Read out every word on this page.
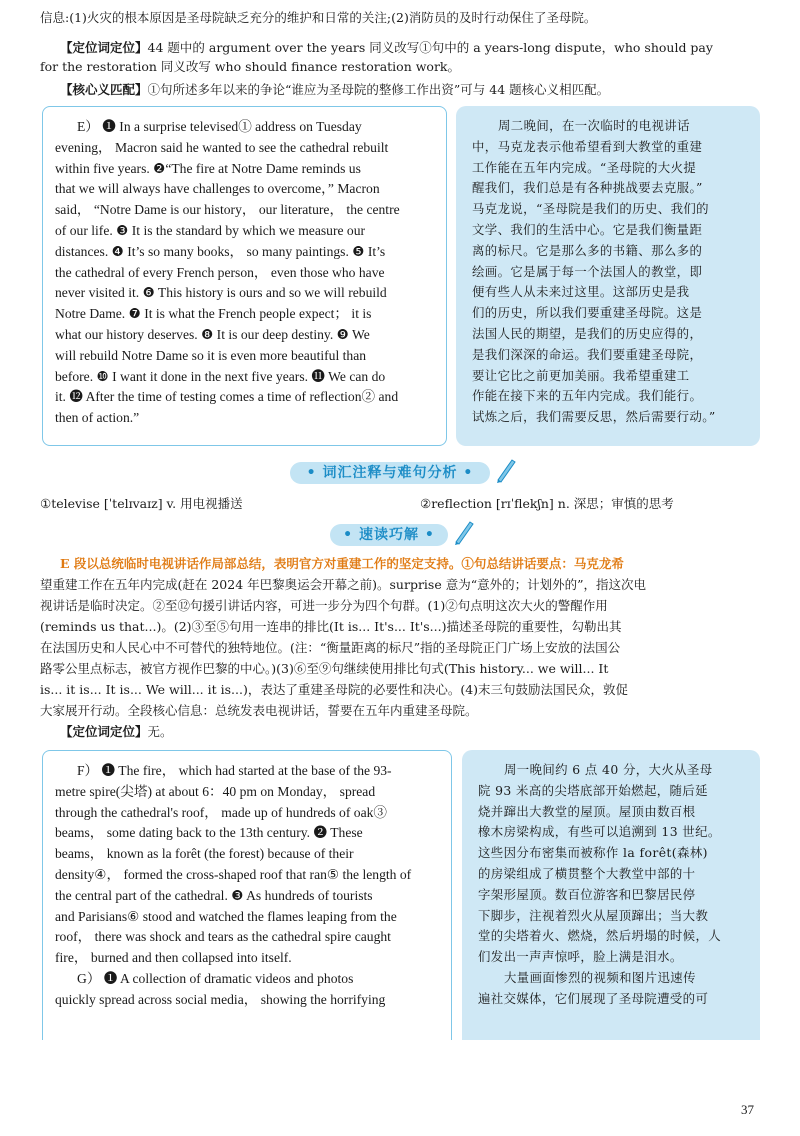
信息:(1)火灾的根本原因是圣母院缺乏充分的维护和日常的关注;(2)消防员的及时行动保住了圣母院。
【定位词定位】44 题中的 argument over the years 同义改写①句中的 a years-long dispute，who should pay
for the restoration 同义改写 who should finance restoration work。
【核心义匹配】①句所述多年以来的争论“谁应为圣母院的整修工作出资”可与 44 题核心义相匹配。
E） ❶ In a surprise televised① address on Tuesday
evening， Macron said he wanted to see the cathedral rebuilt
within five years. ❷“The fire at Notre Dame reminds us
that we will always have challenges to overcome，” Macron
said， “Notre Dame is our history， our literature， the centre
of our life. ❸ It is the standard by which we measure our
distances. ❹ It’s so many books， so many paintings. ❺ It’s
the cathedral of every French person， even those who have
never visited it. ❻ This history is ours and so we will rebuild
Notre Dame. ❼ It is what the French people expect； it is
what our history deserves. ❽ It is our deep destiny. ❾ We
will rebuild Notre Dame so it is even more beautiful than
before. ❿ I want it done in the next five years. ⓫ We can do
it. ⓬ After the time of testing comes a time of reflection② and
then of action.”
周二晚间，在一次临时的电视讲话
中，马克龙表示他希望看到大教堂的重建
工作能在五年内完成。“圣母院的大火提
醒我们，我们总是有各种挑战要去克服。”
马克龙说，“圣母院是我们的历史、我们的
文学、我们的生活中心。它是我们衡量距
离的标尺。它是那么多的书籍、那么多的
绘画。它是属于每一个法国人的教堂，即
便有些人从未来过这里。这部历史是我
们的历史，所以我们要重建圣母院。这是
法国人民的期望，是我们的历史应得的，
是我们深深的命运。我们要重建圣母院，
要让它比之前更加美丽。我希望重建工
作能在接下来的五年内完成。我们能行。
试炼之后，我们需要反思，然后需要行动。”
• 词汇注释与难句分析 •
①televise [ˈtelɪvaɪz] v. 用电视播送	②reflection [rɪˈflekʃn] n. 深思；审慎的思考
• 速读巧解 •
E 段以总统临时电视讲话作局部总结，表明官方对重建工作的坚定支持。①句总结讲话要点：马克龙希
望重建工作在五年内完成(赶在 2024 年巴黎奥运会开幕之前)。surprise 意为“意外的；计划外的”，指这次电
视讲话是临时决定。②至⑫句援引讲话内容，可进一步分为四个句群。(1)②句点明这次大火的警醒作用
(reminds us that...)。(2)③至⑤句用一连串的排比(It is... It's... It's...)描述圣母院的重要性，勾勒出其
在法国历史和人民心中不可替代的独特地位。(注：“衡量距离的标尺”指的圣母院正门广场上安放的法国公
路零公里点标志，被官方视作巴黎的中心。)(3)⑥至⑨句继续使用排比句式(This history... we will... It
is... it is... It is... We will... it is...)，表达了重建圣母院的必要性和决心。(4)末三句鼓励法国民众，敦促
大家展开行动。全段核心信息：总统发表电视讲话，誓要在五年内重建圣母院。
【定位词定位】无。
F） ❶ The fire， which had started at the base of the 93-
metre spire(尖塔) at about 6：40 pm on Monday， spread
through the cathedral's roof， made up of hundreds of oak③
beams， some dating back to the 13th century. ❷ These
beams， known as la forêt (the forest) because of their
density④， formed the cross-shaped roof that ran⑤ the length of
the central part of the cathedral. ❸ As hundreds of tourists
and Parisians⑥ stood and watched the flames leaping from the
roof， there was shock and tears as the cathedral spire caught
fire， burned and then collapsed into itself.
G） ❶ A collection of dramatic videos and photos
quickly spread across social media， showing the horrifying
周一晚间约 6 点 40 分，大火从圣母
院 93 米高的尖塔底部开始燃起，随后延
烧并蹿出大教堂的屋顶。屋顶由数百根
橡木房梁构成，有些可以追溯到 13 世纪。
这些因分布密集而被称作 la forêt(森林)
的房梁组成了横贯整个大教堂中部的十
字架形屋顶。数百位游客和巴黎居民停
下脚步，注视着烈火从屋顶蹿出；当大教
堂的尖塔着火、燃烧，然后坍塌的时候，人
们发出一声声惊呼，脸上满是泪水。
大量画面惨烈的视频和图片迅速传
遍社交媒体，它们展现了圣母院遭受的可
37
